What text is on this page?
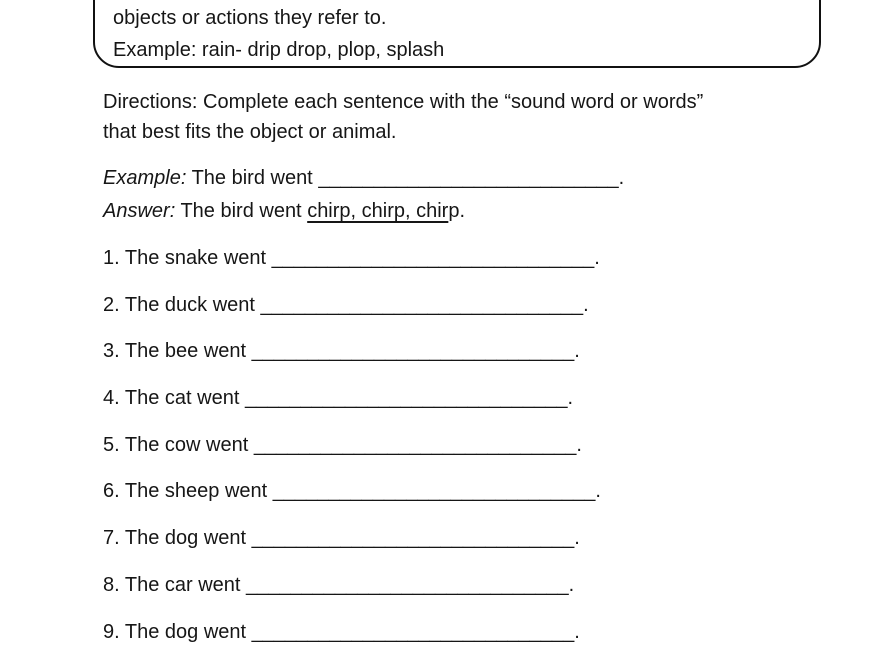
objects or actions they refer to.
Example: rain- drip drop, plop, splash
Directions: Complete each sentence with the “sound word or words”
that best fits the object or animal.
Example: The bird went ___________________________.
Answer: The bird went chirp, chirp, chirp.
1. The snake went _____________________________.
2. The duck went _____________________________.
3. The bee went _____________________________.
4. The cat went _____________________________.
5. The cow went _____________________________.
6. The sheep went _____________________________.
7. The dog went _____________________________.
8. The car went _____________________________.
9. The dog went _____________________________.
